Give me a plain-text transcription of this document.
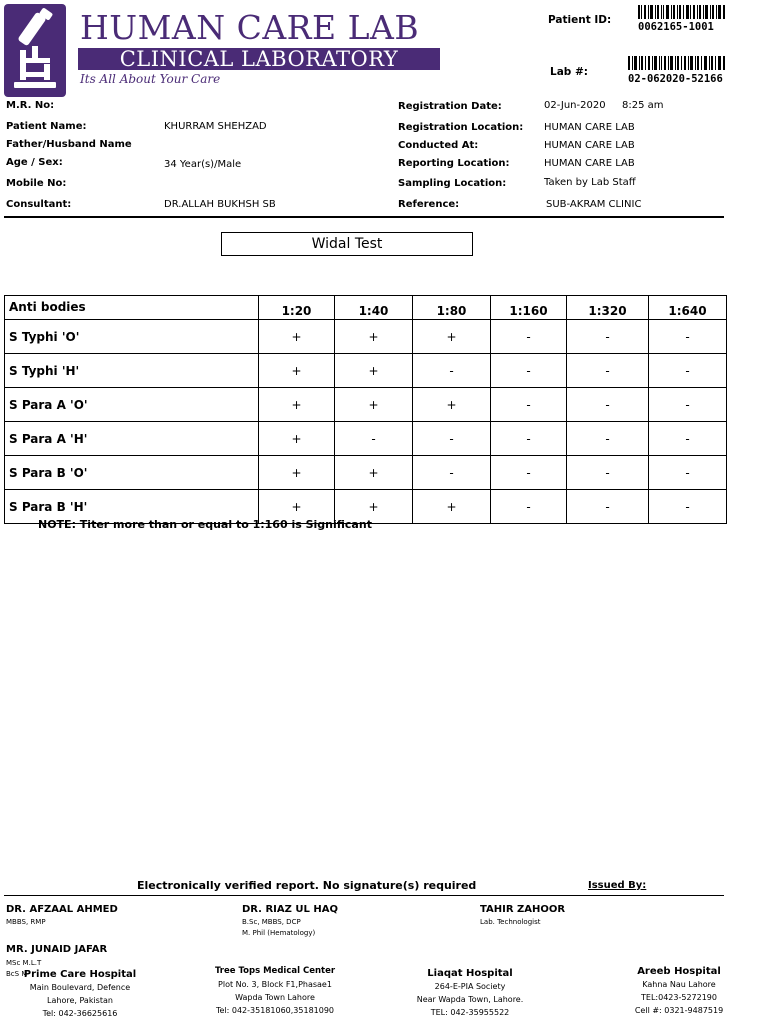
HUMAN CARE LAB
CLINICAL LABORATORY
Its All About Your Care
Patient ID:
0062165-1001
Lab #:
02-062020-52166
M.R. No:
Patient Name:	KHURRAM SHEHZAD
Father/Husband Name
Age / Sex:	34 Year(s)/Male
Mobile No:
Consultant:	DR.ALLAH BUKHSH SB
Registration Date:	02-Jun-2020 8:25 am
Registration Location: HUMAN CARE LAB
Conducted At:	HUMAN CARE LAB
Reporting Location:	HUMAN CARE LAB
Sampling Location:	Taken by Lab Staff
Reference:	SUB-AKRAM CLINIC
Widal Test
Anti bodies	1:20	1:40	1:80	1:160	1:320	1:640
S Typhi 'O'	+	+	+	-	-	-
S Typhi 'H'	+	+	-	-	-	-
S Para A 'O'	+	+	+	-	-	-
S Para A 'H'	+	-	-	-	-	-
S Para B 'O'	+	+	-	-	-	-
S Para B 'H'	+	+	+	-	-	-
NOTE: Titer more than or equal to 1:160 is Significant
Electronically verified report. No signature(s) required	Issued By:
DR. AFZAAL AHMED
MBBS, RMP
DR. RIAZ UL HAQ
B.Sc, MBBS, DCP
M. Phil (Hematology)
TAHIR ZAHOOR
Lab. Technologist
MR. JUNAID JAFAR
MSc M.L.T
BcS M
Prime Care Hospital
Main Boulevard, Defence
Lahore, Pakistan
Tel: 042-36625616
Tree Tops Medical Center
Plot No. 3, Block F1,Phasae1
Wapda Town Lahore
Tel: 042-35181060,35181090
Liaqat Hospital
264-E-PIA Society
Near Wapda Town, Lahore.
TEL: 042-35955522
Areeb Hospital
Kahna Nau Lahore
TEL:0423-5272190
Cell #: 0321-9487519
